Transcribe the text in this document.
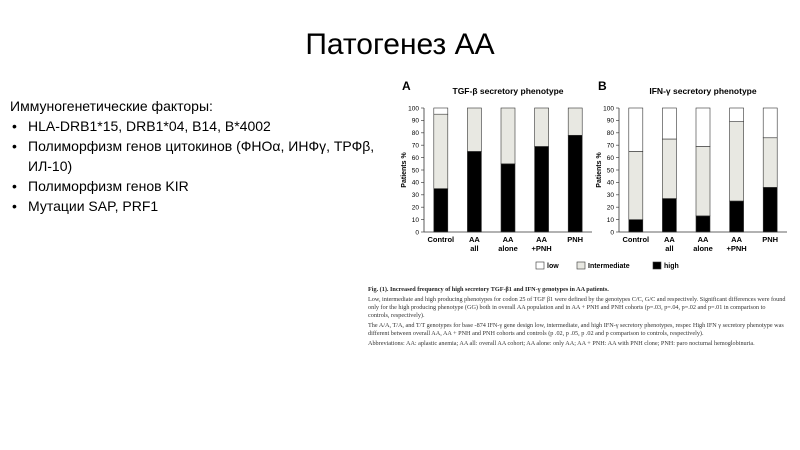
Патогенез АА
Иммуногенетические факторы:
• HLA-DRB1*15, DRB1*04, B14, B*4002
• Полиморфизм генов цитокинов (ФНОα, ИНФγ, ТРФβ, ИЛ-10)
• Полиморфизм генов KIR
• Мутации SAP, PRF1
A	TGF-β secretory phenotype
Patients %
0
10
20
30
40
50
60
70
80
90
100
Control AA
all
AA
alone
AA
+PNH
PNH
B	IFN-γ secretory phenotype
Patients %
0
10
20
30
40
50
60
70
80
90
100
Control AA
all
AA
alone
AA
+PNH
PNH
low	Intermediate	high

Fig. (1). Increased frequency of high secretory TGF-β1 and IFN-γ genotypes in AA patients.

Low, intermediate and high producing phenotypes for codon 25 of TGF β1 were defined by the genotypes C/C, G/C and respectively. Significant differences were found only for the high producing phenotype (GG) both in overall AA population and in AA + PNH and PNH cohorts (p=.03, p=.04, p=.02 and p=.01 in comparison to controls, respectively).

The A/A, T/A, and T/T genotypes for base -874 IFN-γ gene design low, intermediate, and high IFN-γ secretory phenotypes, respec High IFN γ secretory phenotype was different between overall AA, AA + PNH and PNH cohorts and controls (p .02, p .05, p .02 and p comparison to controls, respectively).

Abbreviations: AA: aplastic anemia; AA all: overall AA cohort; AA alone: only AA; AA + PNH: AA with PNH clone; PNH: paro nocturnal hemoglobinuria.
